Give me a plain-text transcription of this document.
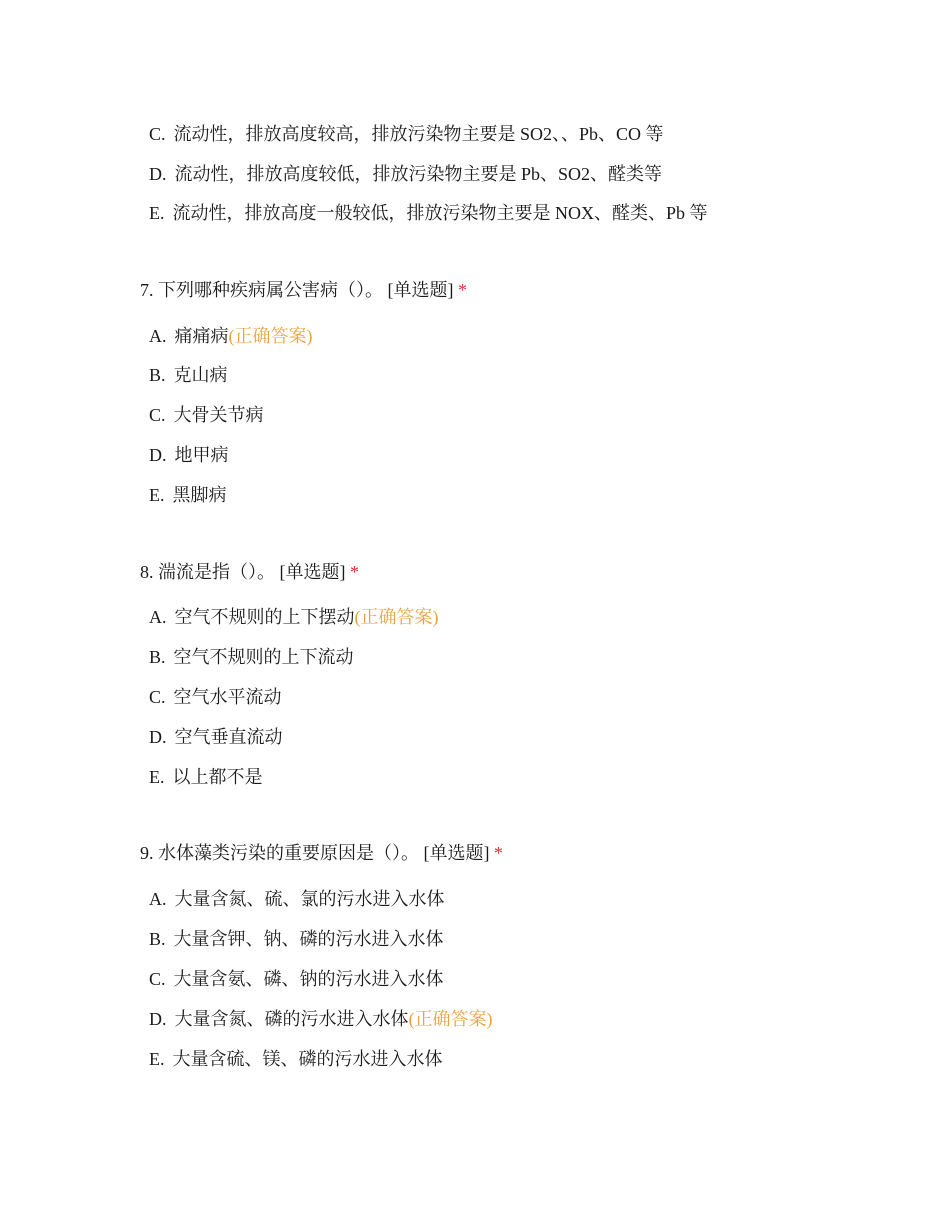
C. 流动性，排放高度较高，排放污染物主要是 SO2、、Pb、CO 等
D. 流动性，排放高度较低，排放污染物主要是 Pb、SO2、醛类等
E. 流动性，排放高度一般较低，排放污染物主要是 NOX、醛类、Pb 等
7. 下列哪种疾病属公害病（）。 [单选题] *
A. 痛痛病(正确答案)
B. 克山病
C. 大骨关节病
D. 地甲病
E. 黑脚病
8. 湍流是指（）。 [单选题] *
A. 空气不规则的上下摆动(正确答案)
B. 空气不规则的上下流动
C. 空气水平流动
D. 空气垂直流动
E. 以上都不是
9. 水体藻类污染的重要原因是（）。 [单选题] *
A. 大量含氮、硫、氯的污水进入水体
B. 大量含钾、钠、磷的污水进入水体
C. 大量含氨、磷、钠的污水进入水体
D. 大量含氮、磷的污水进入水体(正确答案)
E. 大量含硫、镁、磷的污水进入水体
